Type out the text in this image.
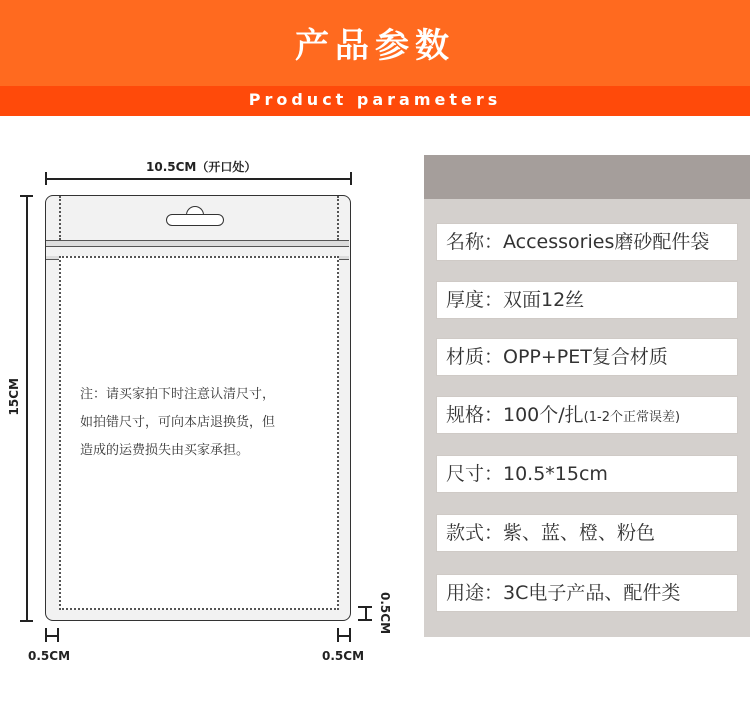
产品参数
Product parameters
10.5CM（开口处）
15CM	注：请买家拍下时注意认清尺寸，
如拍错尺寸，可向本店退换货，但
造成的运费损失由买家承担。
0.5CM	0.5CM
0.5CM
名称：Accessories磨砂配件袋
厚度：双面12丝
材质：OPP+PET复合材质
规格：100个/扎(1-2个正常误差)
尺寸：10.5*15cm
款式：紫、蓝、橙、粉色
用途：3C电子产品、配件类
